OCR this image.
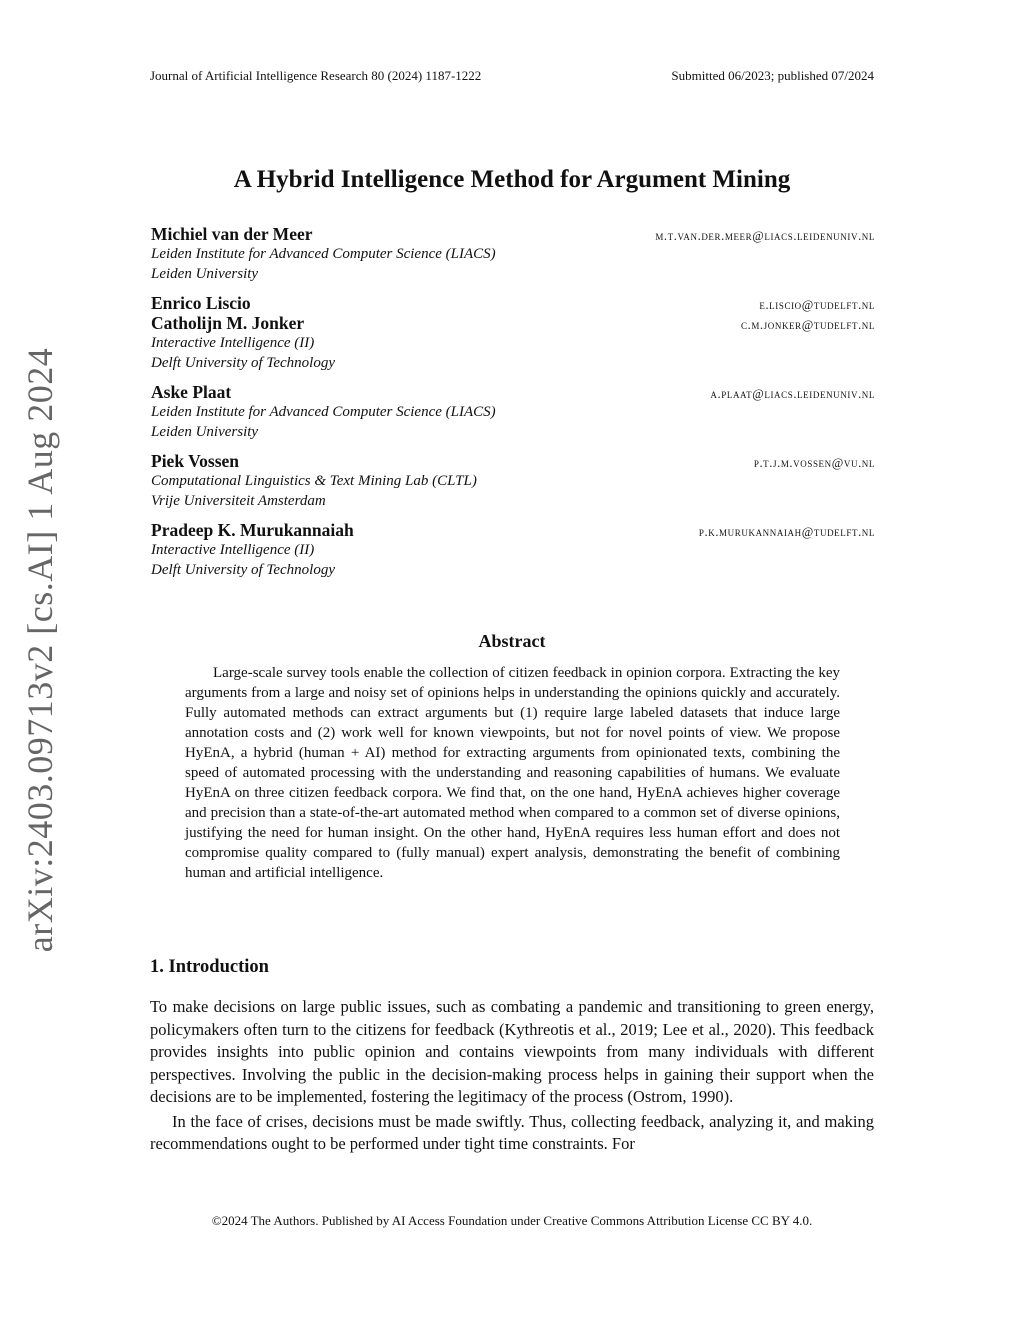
Journal of Artificial Intelligence Research 80 (2024) 1187-1222	Submitted 06/2023; published 07/2024
arXiv:2403.09713v2 [cs.AI] 1 Aug 2024
A Hybrid Intelligence Method for Argument Mining
Michiel van der Meer	m.t.van.der.meer@liacs.leidenuniv.nl
Leiden Institute for Advanced Computer Science (LIACS)
Leiden University
Enrico Liscio	e.liscio@tudelft.nl
Catholijn M. Jonker	c.m.jonker@tudelft.nl
Interactive Intelligence (II)
Delft University of Technology
Aske Plaat	a.plaat@liacs.leidenuniv.nl
Leiden Institute for Advanced Computer Science (LIACS)
Leiden University
Piek Vossen	p.t.j.m.vossen@vu.nl
Computational Linguistics & Text Mining Lab (CLTL)
Vrije Universiteit Amsterdam
Pradeep K. Murukannaiah	p.k.murukannaiah@tudelft.nl
Interactive Intelligence (II)
Delft University of Technology
Abstract

Large-scale survey tools enable the collection of citizen feedback in opinion corpora. Extracting the key arguments from a large and noisy set of opinions helps in understanding the opinions quickly and accurately. Fully automated methods can extract arguments but (1) require large labeled datasets that induce large annotation costs and (2) work well for known viewpoints, but not for novel points of view. We propose HyEnA, a hybrid (human + AI) method for extracting arguments from opinionated texts, combining the speed of automated processing with the understanding and reasoning capabilities of humans. We evaluate HyEnA on three citizen feedback corpora. We find that, on the one hand, HyEnA achieves higher coverage and precision than a state-of-the-art automated method when compared to a common set of diverse opinions, justifying the need for human insight. On the other hand, HyEnA requires less human effort and does not compromise quality compared to (fully manual) expert analysis, demonstrating the benefit of combining human and artificial intelligence.

1. Introduction

To make decisions on large public issues, such as combating a pandemic and transitioning to green energy, policymakers often turn to the citizens for feedback (Kythreotis et al., 2019; Lee et al., 2020). This feedback provides insights into public opinion and contains viewpoints from many individuals with different perspectives. Involving the public in the decision-making process helps in gaining their support when the decisions are to be implemented, fostering the legitimacy of the process (Ostrom, 1990).

In the face of crises, decisions must be made swiftly. Thus, collecting feedback, analyzing it, and making recommendations ought to be performed under tight time constraints. For

©2024 The Authors. Published by AI Access Foundation under Creative Commons Attribution License CC BY 4.0.
